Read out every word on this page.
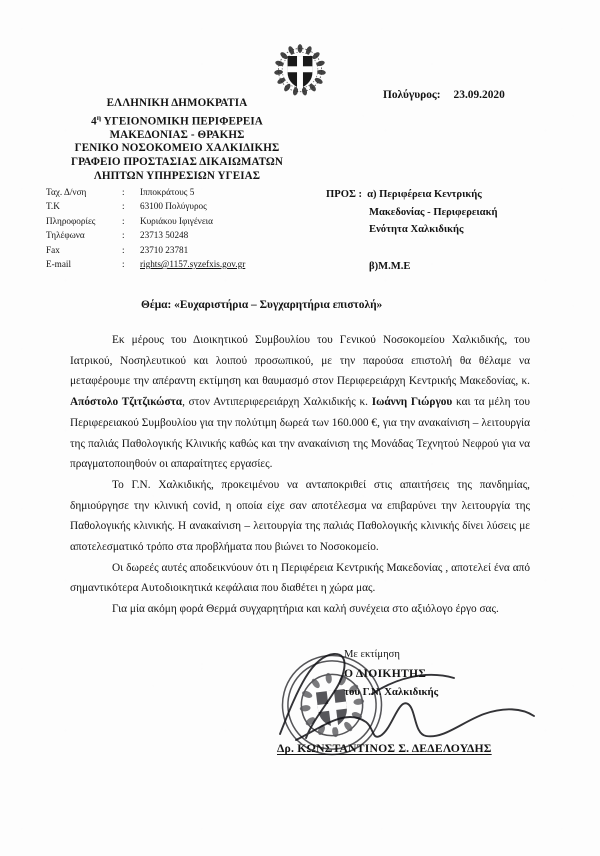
ΕΛΛΗΝΙΚΗ ΔΗΜΟΚΡΑΤΙΑ
$4^\eta$ ΥΓΕΙΟΝΟΜΙΚΗ ΠΕΡΙΦΕΡΕΙΑ
ΜΑΚΕΔΟΝΙΑΣ - ΘΡΑΚΗΣ
ΓΕΝΙΚΟ ΝΟΣΟΚΟΜΕΙΟ ΧΑΛΚΙΔΙΚΗΣ
ΓΡΑΦΕΙΟ ΠΡΟΣΤΑΣΙΑΣ ΔΙΚΑΙΩΜΑΤΩΝ
ΛΗΠΤΩΝ ΥΠΗΡΕΣΙΩΝ ΥΓΕΙΑΣ
Πολύγυρος: 23.09.2020
Ταχ. Δ/νση	:	Ιπποκράτους 5
Τ.Κ	:	63100 Πολύγυρος
Πληροφορίες	:	Κυριάκου Ιφιγένεια
Τηλέφωνα	:	23713 50248
Fax	:	23710 23781
E-mail	:	rights@1157.syzefxis.gov.gr
ΠΡΟΣ : α) Περιφέρεια Κεντρικής
Μακεδονίας - Περιφερειακή
Ενότητα Χαλκιδικής
β)Μ.Μ.Ε
Θέμα: «Ευχαριστήρια – Συγχαρητήρια επιστολή»

Εκ μέρους του Διοικητικού Συμβουλίου του Γενικού Νοσοκομείου Χαλκιδικής, του Ιατρικού, Νοσηλευτικού και λοιπού προσωπικού, με την παρούσα επιστολή θα θέλαμε να μεταφέρουμε την απέραντη εκτίμηση και θαυμασμό στον Περιφερειάρχη Κεντρικής Μακεδονίας, κ. Απόστολο Τζιτζικώστα, στον Αντιπεριφερειάρχη Χαλκιδικής κ. Ιωάννη Γιώργου και τα μέλη του Περιφερειακού Συμβουλίου για την πολύτιμη δωρεά των 160.000 €, για την ανακαίνιση – λειτουργία της παλιάς Παθολογικής Κλινικής καθώς και την ανακαίνιση της Μονάδας Τεχνητού Νεφρού για να πραγματοποιηθούν οι απαραίτητες εργασίες.

Το Γ.Ν. Χαλκιδικής, προκειμένου να ανταποκριθεί στις απαιτήσεις της πανδημίας, δημιούργησε την κλινική covid, η οποία είχε σαν αποτέλεσμα να επιβαρύνει την λειτουργία της Παθολογικής κλινικής. Η ανακαίνιση – λειτουργία της παλιάς Παθολογικής κλινικής δίνει λύσεις με αποτελεσματικό τρόπο στα προβλήματα που βιώνει το Νοσοκομείο.

Οι δωρεές αυτές αποδεικνύουν ότι η Περιφέρεια Κεντρικής Μακεδονίας , αποτελεί ένα από σημαντικότερα Αυτοδιοικητικά κεφάλαια που διαθέτει η χώρα μας.

Για μία ακόμη φορά Θερμά συγχαρητήρια και καλή συνέχεια στο αξιόλογο έργο σας.

Με εκτίμηση
Ο ΔΙΟΙΚΗΤΗΣ
του Γ.Ν. Χαλκιδικής
Δρ. ΚΩΝΣΤΑΝΤΙΝΟΣ Σ. ΔΕΔΕΛΟΥΔΗΣ
